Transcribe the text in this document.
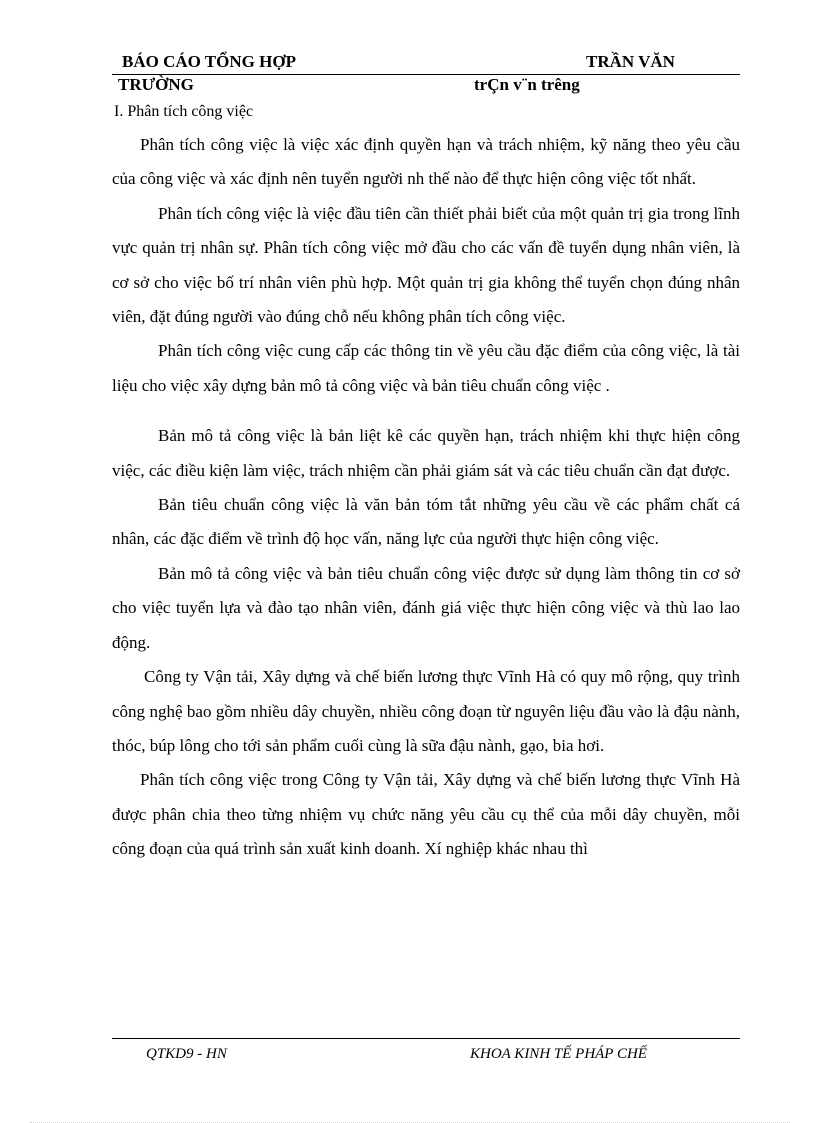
BÁO CÁO TỔNG HỢP	TRẦN VĂN
TRƯỜNG	trÇn v¨n trêng
I. Phân tích công việc

Phân tích công việc là việc xác định quyền hạn và trách nhiệm, kỹ năng theo yêu cầu của công việc và xác định nên tuyển người nh thế nào để thực hiện công việc tốt nhất.

Phân tích công việc là việc đầu tiên cần thiết phải biết của một quản trị gia trong lĩnh vực quản trị nhân sự. Phân tích công việc mở đầu cho các vấn đề tuyển dụng nhân viên, là cơ sở cho việc bố trí nhân viên phù hợp. Một quản trị gia không thể tuyển chọn đúng nhân viên, đặt đúng người vào đúng chỗ nếu không phân tích công việc.

Phân tích công việc cung cấp các thông tin về yêu cầu đặc điểm của công việc, là tài liệu cho việc xây dựng bản mô tả công việc và bản tiêu chuẩn công việc .

Bản mô tả công việc là bản liệt kê các quyền hạn, trách nhiệm khi thực hiện công việc, các điều kiện làm việc, trách nhiệm cần phải giám sát và các tiêu chuẩn cần đạt được.

Bản tiêu chuẩn công việc là văn bản tóm tắt những yêu cầu về các phẩm chất cá nhân, các đặc điểm về trình độ học vấn, năng lực của người thực hiện công việc.

Bản mô tả công việc và bản tiêu chuẩn công việc được sử dụng làm thông tin cơ sở cho việc tuyển lựa và đào tạo nhân viên, đánh giá việc thực hiện công việc và thù lao lao động.

Công ty Vận tải, Xây dựng và chế biến lương thực Vĩnh Hà có quy mô rộng, quy trình công nghệ bao gồm nhiều dây chuyền, nhiều công đoạn từ nguyên liệu đầu vào là đậu nành, thóc, búp lông cho tới sản phẩm cuối cùng là sữa đậu nành, gạo, bia hơi.

Phân tích công việc trong Công ty Vận tải, Xây dựng và chế biến lương thực Vĩnh Hà được phân chia theo từng nhiệm vụ chức năng yêu cầu cụ thể của mỗi dây chuyền, mỗi công đoạn của quá trình sản xuất kinh doanh. Xí nghiệp khác nhau thì

QTKD9 - HN	KHOA KINH TẾ PHÁP CHẾ
